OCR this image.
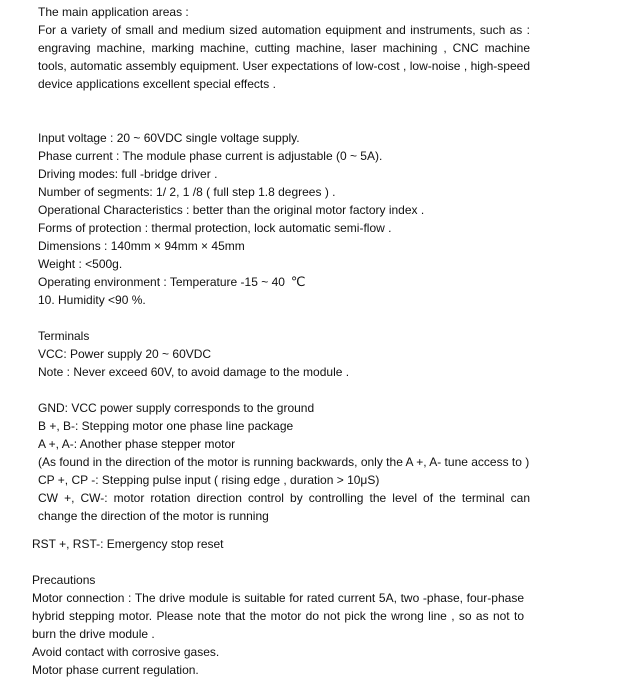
The main application areas :
For a variety of small and medium sized automation equipment and instruments, such as : engraving machine, marking machine, cutting machine, laser machining , CNC machine tools, automatic assembly equipment. User expectations of low-cost , low-noise , high-speed device applications excellent special effects .
Input voltage : 20 ~ 60VDC single voltage supply.
Phase current : The module phase current is adjustable (0 ~ 5A).
Driving modes: full -bridge driver .
Number of segments: 1/ 2, 1 /8 ( full step 1.8 degrees ) .
Operational Characteristics : better than the original motor factory index .
Forms of protection : thermal protection, lock automatic semi-flow .
Dimensions : 140mm × 94mm × 45mm
Weight : <500g.
Operating environment : Temperature -15 ~ 40 ℃
10. Humidity <90 %.
Terminals
VCC: Power supply 20 ~ 60VDC
Note : Never exceed 60V, to avoid damage to the module .
GND: VCC power supply corresponds to the ground
B +, B-: Stepping motor one phase line package
A +, A-: Another phase stepper motor
(As found in the direction of the motor is running backwards, only the A +, A- tune access to )
CP +, CP -: Stepping pulse input ( rising edge , duration > 10μS)
CW +, CW-: motor rotation direction control by controlling the level of the terminal can change the direction of the motor is running
RST +, RST-: Emergency stop reset
Precautions
Motor connection : The drive module is suitable for rated current 5A, two -phase, four-phase hybrid stepping motor. Please note that the motor do not pick the wrong line , so as not to burn the drive module .
Avoid contact with corrosive gases.
Motor phase current regulation.
